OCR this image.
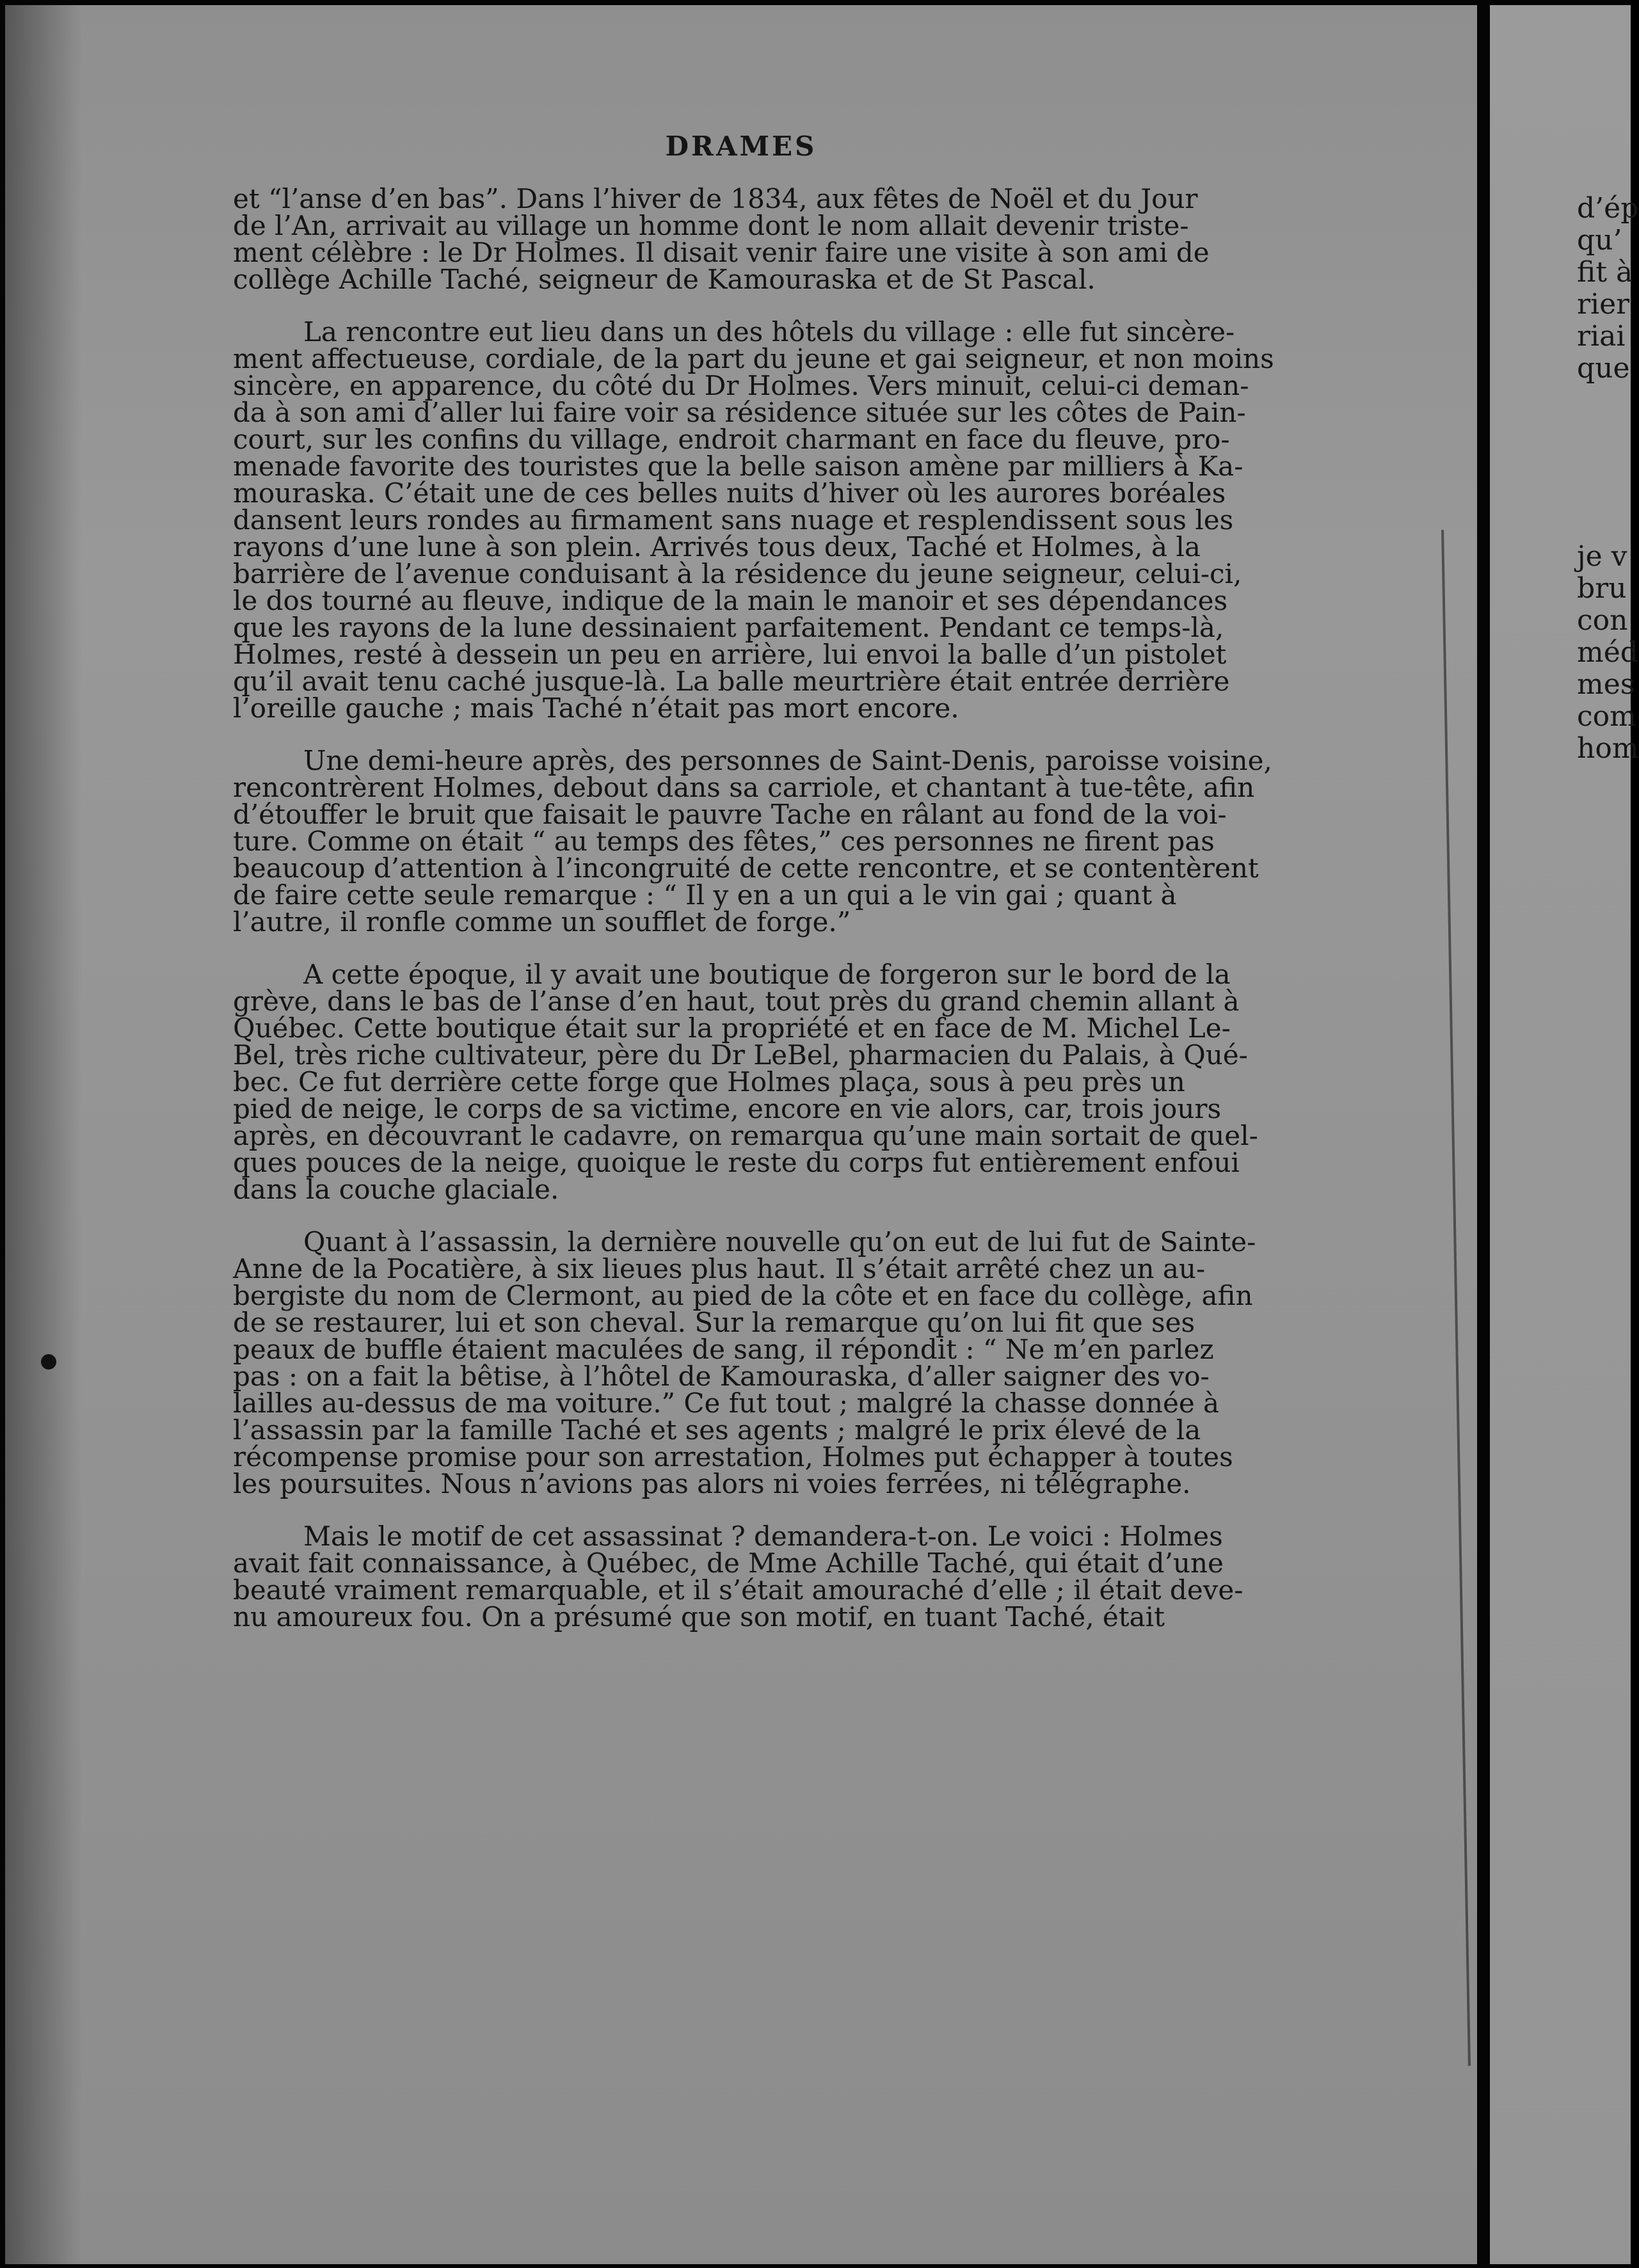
DRAMES
et “l’anse d’en bas”. Dans l’hiver de 1834, aux fêtes de Noël et du Jour
de l’An, arrivait au village un homme dont le nom allait devenir triste-
ment célèbre : le Dr Holmes. Il disait venir faire une visite à son ami de
collège Achille Taché, seigneur de Kamouraska et de St Pascal.
La rencontre eut lieu dans un des hôtels du village : elle fut sincère-
ment affectueuse, cordiale, de la part du jeune et gai seigneur, et non moins
sincère, en apparence, du côté du Dr Holmes. Vers minuit, celui-ci deman-
da à son ami d’aller lui faire voir sa résidence située sur les côtes de Pain-
court, sur les confins du village, endroit charmant en face du fleuve, pro-
menade favorite des touristes que la belle saison amène par milliers à Ka-
mouraska. C’était une de ces belles nuits d’hiver où les aurores boréales
dansent leurs rondes au firmament sans nuage et resplendissent sous les
rayons d’une lune à son plein. Arrivés tous deux, Taché et Holmes, à la
barrière de l’avenue conduisant à la résidence du jeune seigneur, celui-ci,
le dos tourné au fleuve, indique de la main le manoir et ses dépendances
que les rayons de la lune dessinaient parfaitement. Pendant ce temps-là,
Holmes, resté à dessein un peu en arrière, lui envoi la balle d’un pistolet
qu’il avait tenu caché jusque-là. La balle meurtrière était entrée derrière
l’oreille gauche ; mais Taché n’était pas mort encore.
Une demi-heure après, des personnes de Saint-Denis, paroisse voisine,
rencontrèrent Holmes, debout dans sa carriole, et chantant à tue-tête, afin
d’étouffer le bruit que faisait le pauvre Tache en râlant au fond de la voi-
ture. Comme on était “ au temps des fêtes,” ces personnes ne firent pas
beaucoup d’attention à l’incongruité de cette rencontre, et se contentèrent
de faire cette seule remarque : “ Il y en a un qui a le vin gai ; quant à
l’autre, il ronfle comme un soufflet de forge.”
A cette époque, il y avait une boutique de forgeron sur le bord de la
grève, dans le bas de l’anse d’en haut, tout près du grand chemin allant à
Québec. Cette boutique était sur la propriété et en face de M. Michel Le-
Bel, très riche cultivateur, père du Dr LeBel, pharmacien du Palais, à Qué-
bec. Ce fut derrière cette forge que Holmes plaça, sous à peu près un
pied de neige, le corps de sa victime, encore en vie alors, car, trois jours
après, en découvrant le cadavre, on remarqua qu’une main sortait de quel-
ques pouces de la neige, quoique le reste du corps fut entièrement enfoui
dans la couche glaciale.
Quant à l’assassin, la dernière nouvelle qu’on eut de lui fut de Sainte-
Anne de la Pocatière, à six lieues plus haut. Il s’était arrêté chez un au-
bergiste du nom de Clermont, au pied de la côte et en face du collège, afin
de se restaurer, lui et son cheval. Sur la remarque qu’on lui fit que ses
peaux de buffle étaient maculées de sang, il répondit : “ Ne m’en parlez
pas : on a fait la bêtise, à l’hôtel de Kamouraska, d’aller saigner des vo-
lailles au-dessus de ma voiture.” Ce fut tout ; malgré la chasse donnée à
l’assassin par la famille Taché et ses agents ; malgré le prix élevé de la
récompense promise pour son arrestation, Holmes put échapper à toutes
les poursuites. Nous n’avions pas alors ni voies ferrées, ni télégraphe.
Mais le motif de cet assassinat ? demandera-t-on. Le voici : Holmes
avait fait connaissance, à Québec, de Mme Achille Taché, qui était d’une
beauté vraiment remarquable, et il s’était amouraché d’elle ; il était deve-
nu amoureux fou. On a présumé que son motif, en tuant Taché, était
d’ép
qu’
fit à
rier
riai
que
je v
bru
con
méd
mes
com
hom
